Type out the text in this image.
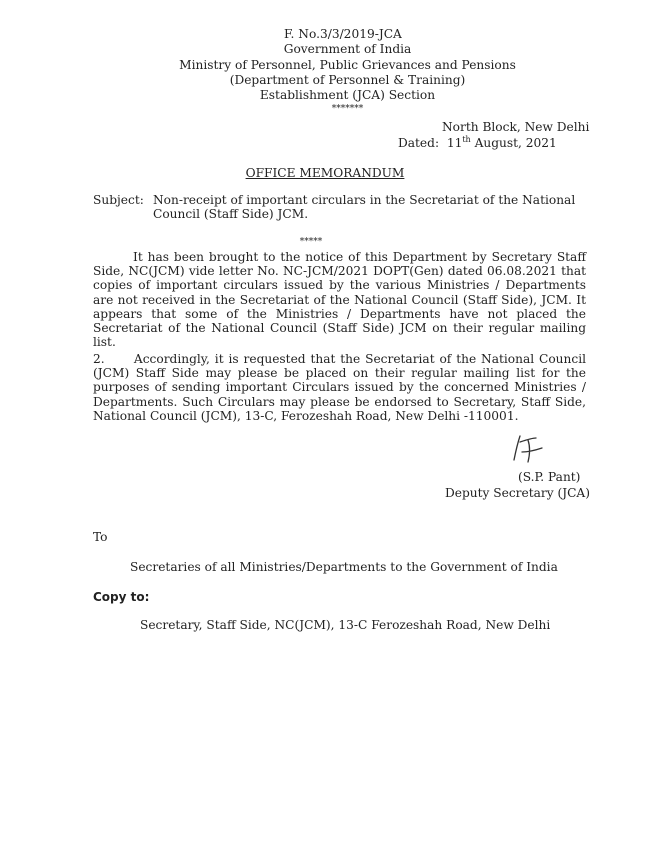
F. No.3/3/2019-JCA
Government of India
Ministry of Personnel, Public Grievances and Pensions
(Department of Personnel & Training)
Establishment (JCA) Section
*******
North Block, New Delhi
Dated: 11th August, 2021
OFFICE MEMORANDUM
Subject: Non-receipt of important circulars in the Secretariat of the National
Council (Staff Side) JCM.
*****
It has been brought to the notice of this Department by Secretary Staff Side, NC(JCM) vide letter No. NC-JCM/2021 DOPT(Gen) dated 06.08.2021 that copies of important circulars issued by the various Ministries / Departments are not received in the Secretariat of the National Council (Staff Side), JCM. It appears that some of the Ministries / Departments have not placed the Secretariat of the National Council (Staff Side) JCM on their regular mailing list.
2.      Accordingly, it is requested that the Secretariat of the National Council (JCM) Staff Side may please be placed on their regular mailing list for the purposes of sending important Circulars issued by the concerned Ministries / Departments. Such Circulars may please be endorsed to Secretary, Staff Side, National Council (JCM), 13-C, Ferozeshah Road, New Delhi -110001.
(S.P. Pant)
Deputy Secretary (JCA)
To
Secretaries of all Ministries/Departments to the Government of India
Copy to:
Secretary, Staff Side, NC(JCM), 13-C Ferozeshah Road, New Delhi
